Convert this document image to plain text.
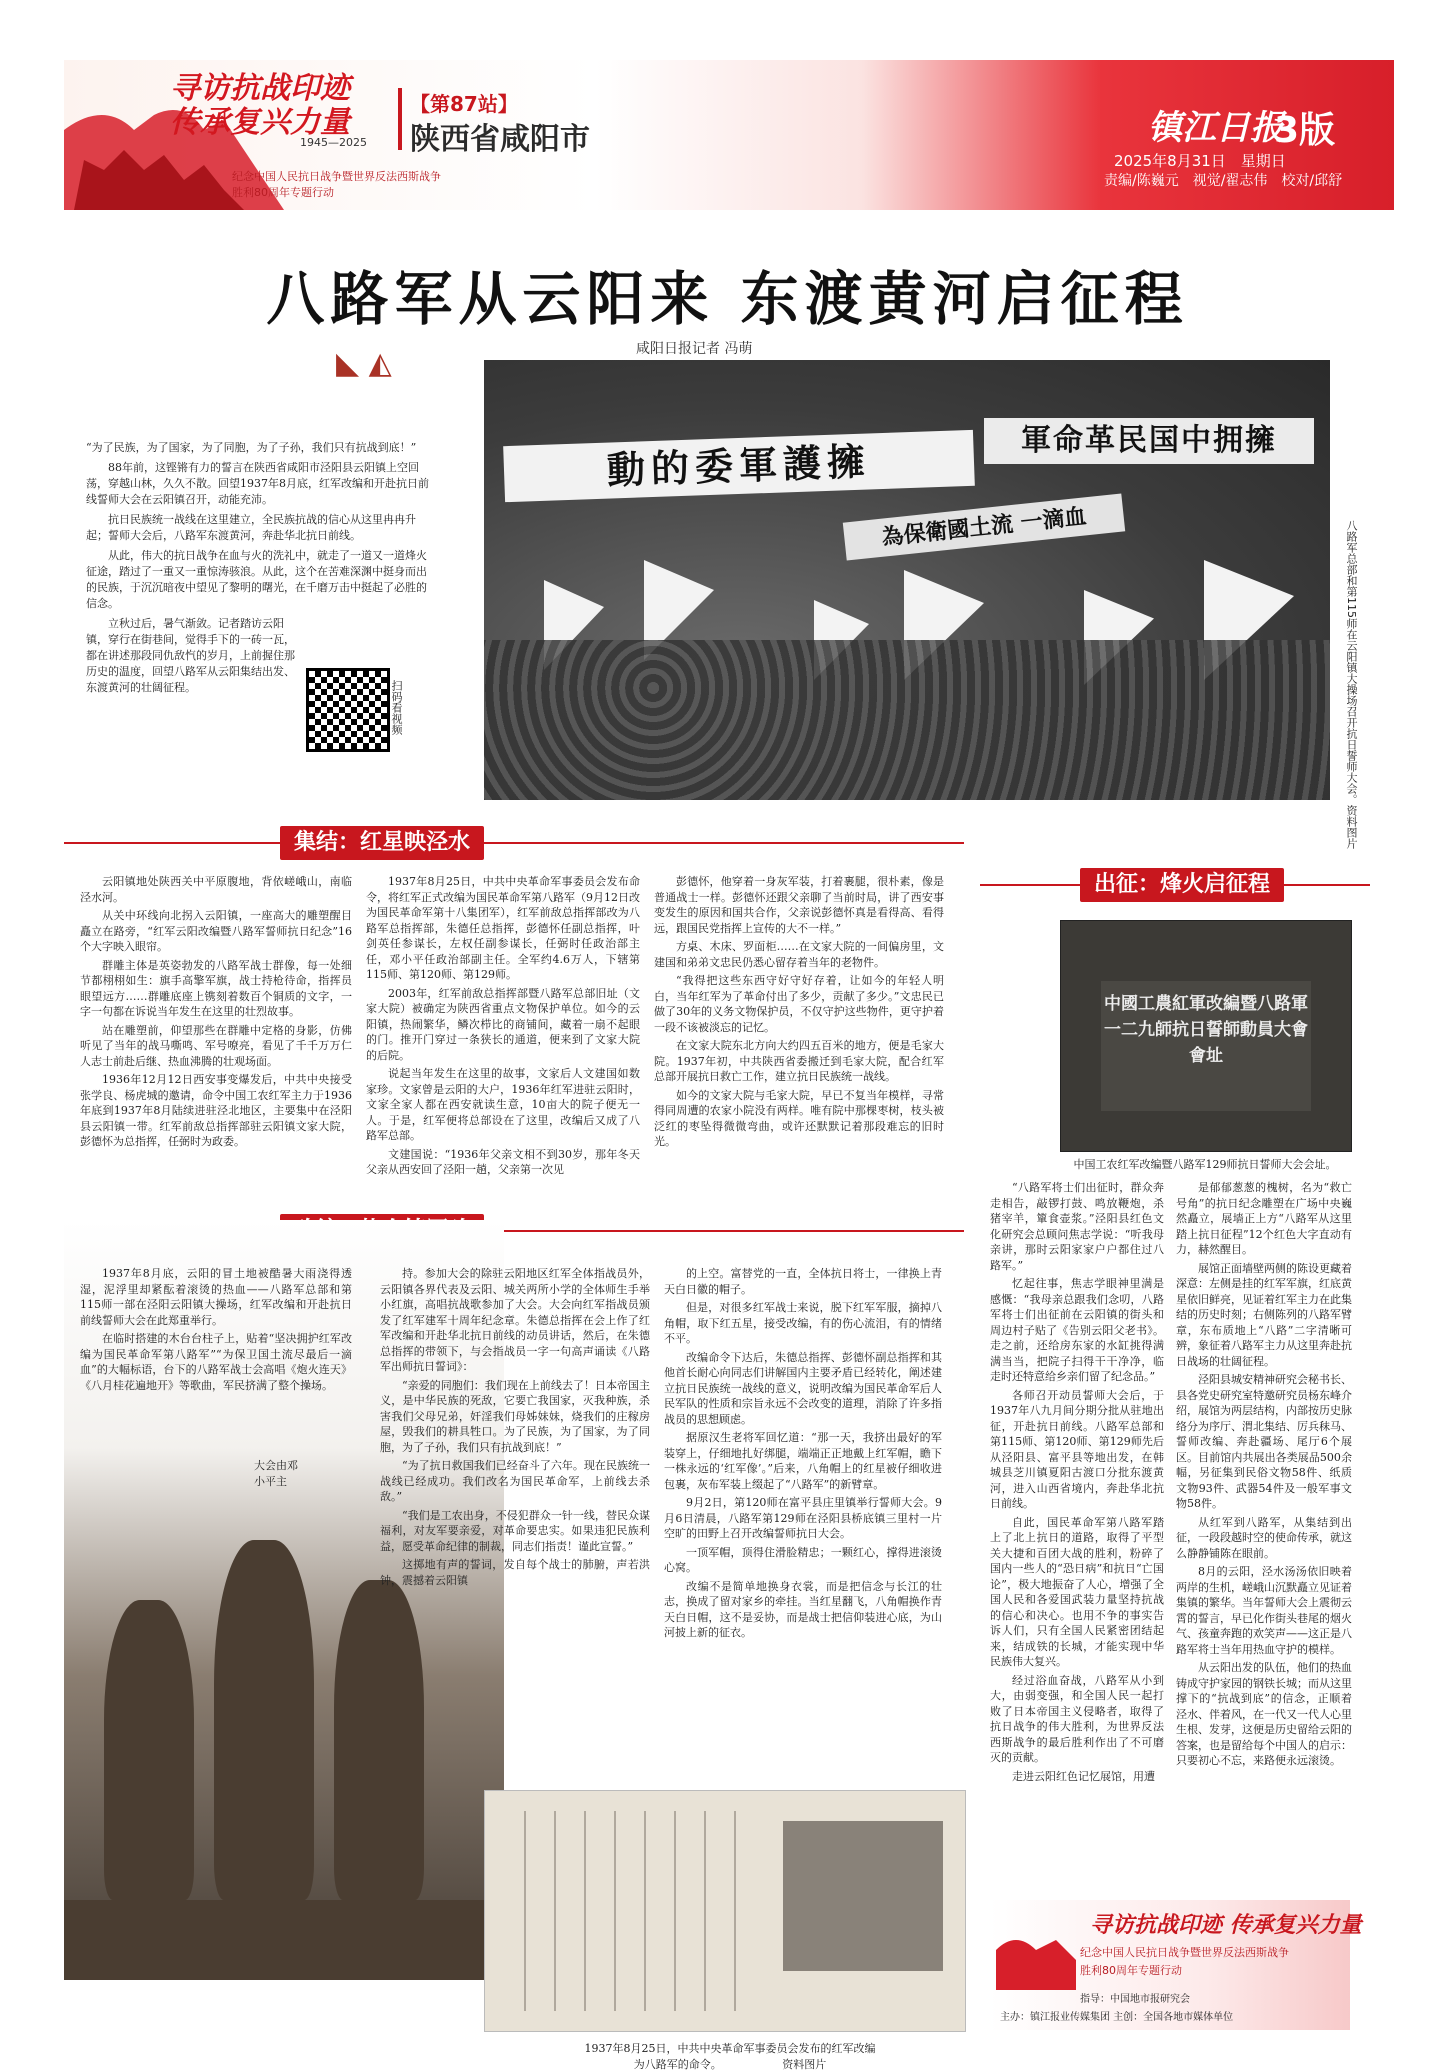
寻访抗战印迹
传承复兴力量
1945—2025
纪念中国人民抗日战争暨世界反法西斯战争
胜利80周年专题行动
【第87站】
陕西省咸阳市	镇江日报
3版
2025年8月31日　星期日
责编/陈巍元　视觉/翟志伟　校对/邱舒
八路军从云阳来 东渡黄河启征程
◣ ◭	咸阳日报记者 冯萌

“为了民族，为了国家，为了同胞，为了子孙，我们只有抗战到底！”

88年前，这铿锵有力的誓言在陕西省咸阳市泾阳县云阳镇上空回荡，穿越山林，久久不散。回望1937年8月底，红军改编和开赴抗日前线誓师大会在云阳镇召开，动能充沛。

抗日民族统一战线在这里建立，全民族抗战的信心从这里冉冉升起；誓师大会后，八路军东渡黄河，奔赴华北抗日前线。

从此，伟大的抗日战争在血与火的洗礼中，就走了一道又一道烽火征途，踏过了一重又一重惊涛骇浪。从此，这个在苦难深渊中挺身而出的民族，于沉沉暗夜中望见了黎明的曙光，在千磨万击中挺起了必胜的信念。

立秋过后，暑气渐敛。记者踏访云阳镇，穿行在街巷间，觉得手下的一砖一瓦，都在讲述那段同仇敌忾的岁月，上前握住那历史的温度，回望八路军从云阳集结出发、东渡黄河的壮阔征程。	扫码看视频
軍命革民国中拥擁
動的委軍護擁
為保衛國土流 一滴血	八路军总部和第115师在云阳镇大操场召开抗日誓师大会。资料图片
集结：红星映泾水

云阳镇地处陕西关中平原腹地，背依嵯峨山，南临泾水河。

从关中环线向北拐入云阳镇，一座高大的雕塑醒目矗立在路旁，“红军云阳改编暨八路军誓师抗日纪念”16个大字映入眼帘。

群雕主体是英姿勃发的八路军战士群像，每一处细节都栩栩如生：旗手高擎军旗，战士持枪待命，指挥员眼望远方……群雕底座上镌刻着数百个铜质的文字，一字一句都在诉说当年发生在这里的壮烈故事。

站在雕塑前，仰望那些在群雕中定格的身影，仿佛听见了当年的战马嘶鸣、军号嘹亮，看见了千千万万仁人志士前赴后继、热血沸腾的壮观场面。

1936年12月12日西安事变爆发后，中共中央接受张学良、杨虎城的邀请，命令中国工农红军主力于1936年底到1937年8月陆续进驻泾北地区，主要集中在泾阳县云阳镇一带。红军前敌总指挥部驻云阳镇文家大院，彭德怀为总指挥，任弼时为政委。

1937年8月25日，中共中央革命军事委员会发布命令，将红军正式改编为国民革命军第八路军（9月12日改为国民革命军第十八集团军），红军前敌总指挥部改为八路军总指挥部，朱德任总指挥，彭德怀任副总指挥，叶剑英任参谋长，左权任副参谋长，任弼时任政治部主任，邓小平任政治部副主任。全军约4.6万人，下辖第115师、第120师、第129师。

2003年，红军前敌总指挥部暨八路军总部旧址（文家大院）被确定为陕西省重点文物保护单位。如今的云阳镇，热闹繁华，鳞次栉比的商铺间，藏着一扇不起眼的门。推开门穿过一条狭长的通道，便来到了文家大院的后院。

说起当年发生在这里的故事，文家后人文建国如数家珍。文家曾是云阳的大户，1936年红军进驻云阳时，文家全家人都在西安就读生意，10亩大的院子便无一人。于是，红军便将总部设在了这里，改编后又成了八路军总部。

文建国说：“1936年父亲文相不到30岁，那年冬天父亲从西安回了泾阳一趟，父亲第一次见

彭德怀，他穿着一身灰军装，打着裹腿，很朴素，像是普通战士一样。彭德怀还跟父亲聊了当前时局，讲了西安事变发生的原因和国共合作，父亲说彭德怀真是看得高、看得远，跟国民党指挥上宣传的大不一样。”

方桌、木床、罗面柜……在文家大院的一间偏房里，文建国和弟弟文忠民仍悉心留存着当年的老物件。

“我得把这些东西守好守好存着，让如今的年轻人明白，当年红军为了革命付出了多少，贡献了多少。”文忠民已做了30年的义务文物保护员，不仅守护这些物件，更守护着一段不该被淡忘的记忆。

在文家大院东北方向大约四五百米的地方，便是毛家大院。1937年初，中共陕西省委搬迁到毛家大院，配合红军总部开展抗日救亡工作，建立抗日民族统一战线。

如今的文家大院与毛家大院，早已不复当年模样，寻常得同周遭的农家小院没有两样。唯有院中那棵枣树，枝头被泛红的枣坠得微微弯曲，或许还默默记着那段难忘的旧时光。

出征：烽火启征程
中國工農紅軍改編暨八路軍
一二九師抗日誓師動員大會
會址
中国工农红军改编暨八路军129师抗日誓师大会会址。

1937年8月底，云阳的冒土地被酷暑大雨浇得透湿，泥浮里却紧酝着滚烫的热血——八路军总部和第115师一部在泾阳云阳镇大操场，红军改编和开赴抗日前线誓师大会在此郑重举行。

在临时搭建的木台台柱子上，贴着“坚决拥护红军改编为国民革命军第八路军”“为保卫国土流尽最后一滴血”的大幅标语，台下的八路军战士会高唱《炮火连天》《八月桂花遍地开》等歌曲，军民挤满了整个操场。

大会由邓
小平主

持。参加大会的除驻云阳地区红军全体指战员外，云阳镇各界代表及云阳、城关两所小学的全体师生手举小红旗，高唱抗战歌参加了大会。大会向红军指战员颁发了红军建军十周年纪念章。朱德总指挥在会上作了红军改编和开赴华北抗日前线的动员讲话，然后，在朱德总指挥的带领下，与会指战员一字一句高声诵读《八路军出师抗日誓词》：

“亲爱的同胞们：我们现在上前线去了！日本帝国主义，是中华民族的死敌，它要亡我国家，灭我种族，杀害我们父母兄弟，奸淫我们母姊妹妹，烧我们的庄稼房屋，毁我们的耕具牲口。为了民族，为了国家，为了同胞，为了子孙，我们只有抗战到底！”

“为了抗日救国我们已经奋斗了六年。现在民族统一战线已经成功。我们改名为国民革命军，上前线去杀敌。”

“我们是工农出身，不侵犯群众一针一线，替民众谋福利，对友军要亲爱，对革命要忠实。如果违犯民族利益，愿受革命纪律的制裁，同志们指责！谨此宣誓。”

这掷地有声的誓词，发自每个战士的肺腑，声若洪钟，震撼着云阳镇

的上空。富替党的一直，全体抗日将士，一律换上青天白日徽的帽子。

但是，对很多红军战士来说，脱下红军军服，摘掉八角帽，取下红五星，接受改编，有的伤心流泪，有的情绪不平。

改编命令下达后，朱德总指挥、彭德怀副总指挥和其他首长耐心向同志们讲解国内主要矛盾已经转化，阐述建立抗日民族统一战线的意义，说明改编为国民革命军后人民军队的性质和宗旨永远不会改变的道理，消除了许多指战员的思想顾虑。

据原汉生老将军回忆道：“那一天，我挤出最好的军装穿上，仔细地扎好绑腿，端端正正地戴上红军帽，瞻下一株永远的‘红军像’。”后来，八角帽上的红星被仔细收进包裹，灰布军装上缀起了“八路军”的新臂章。

9月2日，第120师在富平县庄里镇举行誓师大会。9月6日清晨，八路军第129师在泾阳县桥底镇三里村一片空旷的田野上召开改编誓师抗日大会。

一顶军帽，顶得住滑脸精忠；一颗红心，撑得进滚烫心窝。

改编不是简单地换身衣裳，而是把信念与长江的壮志，换成了留对家乡的牵挂。当红星翻飞，八角帽换作青天白日帽，这不是妥协，而是战士把信仰装进心底，为山河披上新的征衣。

“八路军将士们出征时，群众奔走相告，敲锣打鼓、鸣放鞭炮，杀猪宰羊，簞食壶浆。”泾阳县红色文化研究会总顾问焦志学说：“听我母亲讲，那时云阳家家户户都住过八路军。”

忆起往事，焦志学眼神里满是感慨：“我母亲总跟我们念叨，八路军将士们出征前在云阳镇的街头和周边村子贴了《告别云阳父老书》。走之前，还给房东家的水缸挑得满满当当，把院子扫得干干净净，临走时还特意给乡亲们留了纪念品。”

各师召开动员誓师大会后，于1937年八九月间分期分批从驻地出征，开赴抗日前线。八路军总部和第115师、第120师、第129师先后从泾阳县、富平县等地出发，在韩城县芝川镇夏阳古渡口分批东渡黄河，进入山西省境内，奔赴华北抗日前线。

自此，国民革命军第八路军踏上了北上抗日的道路，取得了平型关大捷和百团大战的胜利，粉碎了国内一些人的“恐日病”和抗日“亡国论”，极大地振奋了人心，增强了全国人民和各爱国武装力量坚持抗战的信心和决心。也用不争的事实告诉人们，只有全国人民紧密团结起来，结成铁的长城，才能实现中华民族伟大复兴。

经过浴血奋战，八路军从小到大，由弱变强，和全国人民一起打败了日本帝国主义侵略者，取得了抗日战争的伟大胜利，为世界反法西斯战争的最后胜利作出了不可磨灭的贡献。

走进云阳红色记忆展馆，用遭

是郁郁葱葱的槐树，名为“救亡号角”的抗日纪念雕塑在广场中央巍然矗立，展墙正上方“八路军从这里踏上抗日征程”12个红色大字直动有力，赫然醒目。

展馆正面墙壁两侧的陈设更藏着深意：左侧是挂的红军军旗，红底黄星依旧鲜亮，见证着红军主力在此集结的历史时刻；右侧陈列的八路军臂章，东布质地上“八路”二字清晰可辨，象征着八路军主力从这里奔赴抗日战场的壮阔征程。

泾阳县城安精神研究会秘书长、县各党史研究室特邀研究员杨东峰介绍，展馆为两层结构，内部按历史脉络分为序厅、渭北集结、厉兵秣马、誓师改编、奔赴疆场、尾厅6个展区。目前馆内共展出各类展品500余幅，另征集到民俗文物58件、纸质文物93件、武器54件及一般军事文物58件。

从红军到八路军，从集结到出征，一段段越时空的使命传承，就这么静静铺陈在眼前。

8月的云阳，泾水汤汤依旧映着两岸的生机，嵯峨山沉默矗立见证着集镇的繁华。当年誓师大会上震彻云霄的誓言，早已化作街头巷尾的烟火气、孩童奔跑的欢笑声——这正是八路军将士当年用热血守护的模样。

从云阳出发的队伍，他们的热血铸成守护家园的钢铁长城；而从这里撑下的“抗战到底”的信念，正顺着泾水、伴着风，在一代又一代人心里生根、发芽，这便是历史留给云阳的答案，也是留给每个中国人的启示：只要初心不忘，来路便永远滚烫。

1937年8月25日，中共中央革命军事委员会发布的红军改编
为八路军的命令。　　　　　　资料图片
寻访抗战印迹 传承复兴力量
纪念中国人民抗日战争暨世界反法西斯战争
胜利80周年专题行动
指导：中国地市报研究会
主办：镇江报业传媒集团 主创：全国各地市媒体单位
